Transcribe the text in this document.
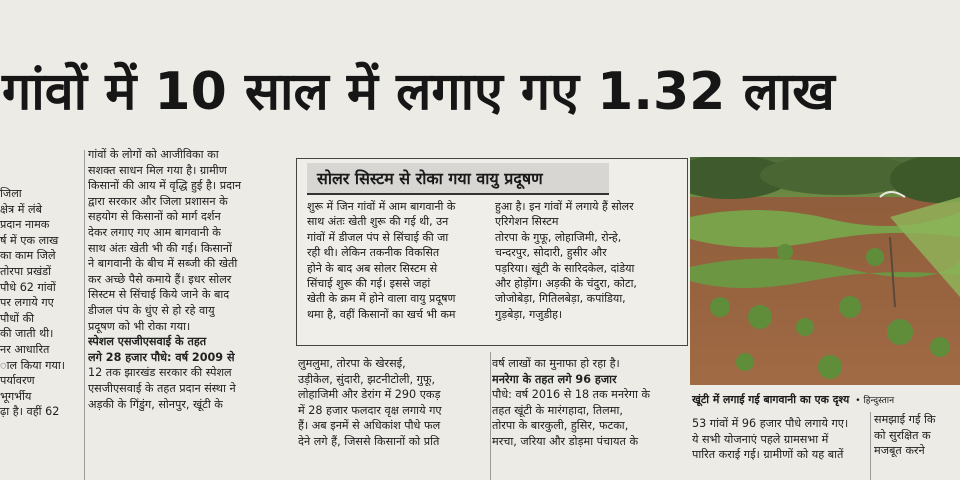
गांवों में 10 साल में लगाए गए 1.32 लाख

जिला

क्षेत्र में लंबे

प्रदान नामक

र्ष में एक लाख

का काम जिले

तोरपा प्रखंडों

पौधे 62 गांवों

पर लगाये गए

पौधों की

की जाती थी।

नर आधारित

ाल किया गया।

पर्यावरण

भूगर्भीय

ढ़ा है। वहीं 62

गांवों के लोगों को आजीविका का

सशक्त साधन मिल गया है। ग्रामीण

किसानों की आय में वृद्धि हुई है। प्रदान

द्वारा सरकार और जिला प्रशासन के

सहयोग से किसानों को मार्ग दर्शन

देकर लगाए गए आम बागवानी के

साथ अंतः खेती भी की गई। किसानों

ने बागवानी के बीच में सब्जी की खेती

कर अच्छे पैसे कमाये हैं। इधर सोलर

सिस्टम से सिंचाई किये जाने के बाद

डीजल पंप के धुंए से हो रहे वायु

प्रदूषण को भी रोका गया।

स्पेशल एसजीएसवाई के तहत

लगे 28 हजार पौधे: वर्ष 2009 से

12 तक झारखंड सरकार की स्पेशल

एसजीएसवाई के तहत प्रदान संस्था ने

अड़की के गिंडुंग, सोनपुर, खूंटी के

सोलर सिस्टम से रोका गया वायु प्रदूषण

शुरू में जिन गांवों में आम बागवानी के

साथ अंतः खेती शुरू की गई थी, उन

गांवों में डीजल पंप से सिंचाई की जा

रही थी। लेकिन तकनीक विकसित

होने के बाद अब सोलर सिस्टम से

सिंचाई शुरू की गई। इससे जहां

खेती के क्रम में होने वाला वायु प्रदूषण

थमा है, वहीं किसानों का खर्च भी कम

हुआ है। इन गांवों में लगाये हैं सोलर

एरिगेशन सिस्टम

तोरपा के गुफू, लोहाजिमी, रोन्हे,

चन्दरपुर, सोदारी, हुसीर और

पड़रिया। खूंटी के सारिदकेल, दांडेया

और होड़ोंग। अड़की के चंदुरा, कोटा,

जोजोबेड़ा, गितिलबेड़ा, कपांडिया,

गुड़बेड़ा, गजुडीह।

लुमलुमा, तोरपा के खेरसई,

उड़ीकेल, सुंदारी, झटनीटोली, गुफू,

लोहाजिमी और डेरांग में 290 एकड़

में 28 हजार फलदार वृक्ष लगाये गए

हैं। अब इनमें से अधिकांश पौधे फल

देने लगे हैं, जिससे किसानों को प्रति

वर्ष लाखों का मुनाफा हो रहा है।

मनरेगा के तहत लगे 96 हजार

पौधे: वर्ष 2016 से 18 तक मनरेगा के

तहत खूंटी के मारंगहादा, तिलमा,

तोरपा के बारकुली, हुसिर, फटका,

मरचा, जरिया और डोड़मा पंचायत के

खूंटी में लगाई गई बागवानी का एक दृश्य • हिन्दुस्तान

53 गांवों में 96 हजार पौधे लगाये गए।

ये सभी योजनाएं पहले ग्रामसभा में

पारित कराई गई। ग्रामीणों को यह बातें

समझाई गई कि

को सुरक्षित क

मजबूत करने
